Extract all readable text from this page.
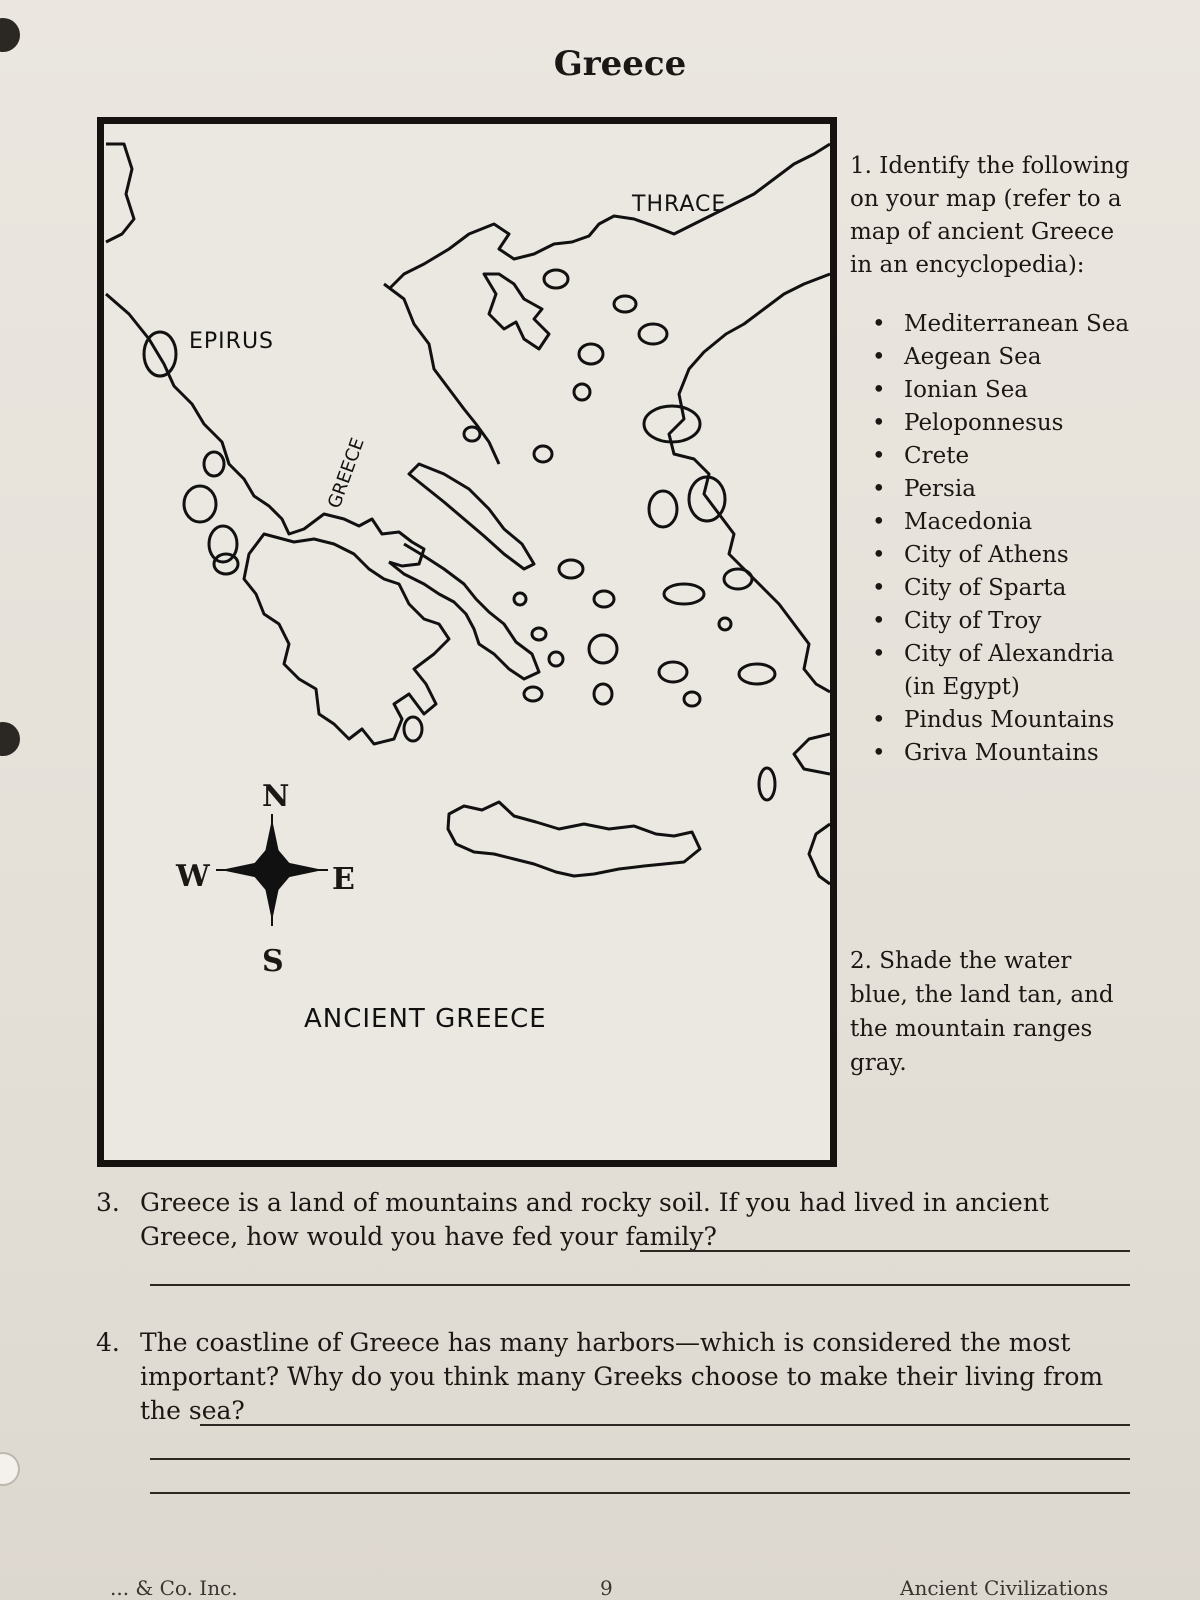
Greece
THRACE
EPIRUS
GREECE
ANCIENT GREECE
N
S
W	E
1. Identify the following on your map (refer to a map of ancient Greece in an encyclopedia):
• Mediterranean Sea
• Aegean Sea
• Ionian Sea
• Peloponnesus
• Crete
• Persia
• Macedonia
• City of Athens
• City of Sparta
• City of Troy
• City of Alexandria (in Egypt)
• Pindus Mountains
• Griva Mountains
2. Shade the water blue, the land tan, and the mountain ranges gray.
3. Greece is a land of mountains and rocky soil. If you had lived in ancient Greece, how would you have fed your family?
4. The coastline of Greece has many harbors—which is considered the most important? Why do you think many Greeks choose to make their living from the sea?
... & Co. Inc.	9	Ancient Civilizations
